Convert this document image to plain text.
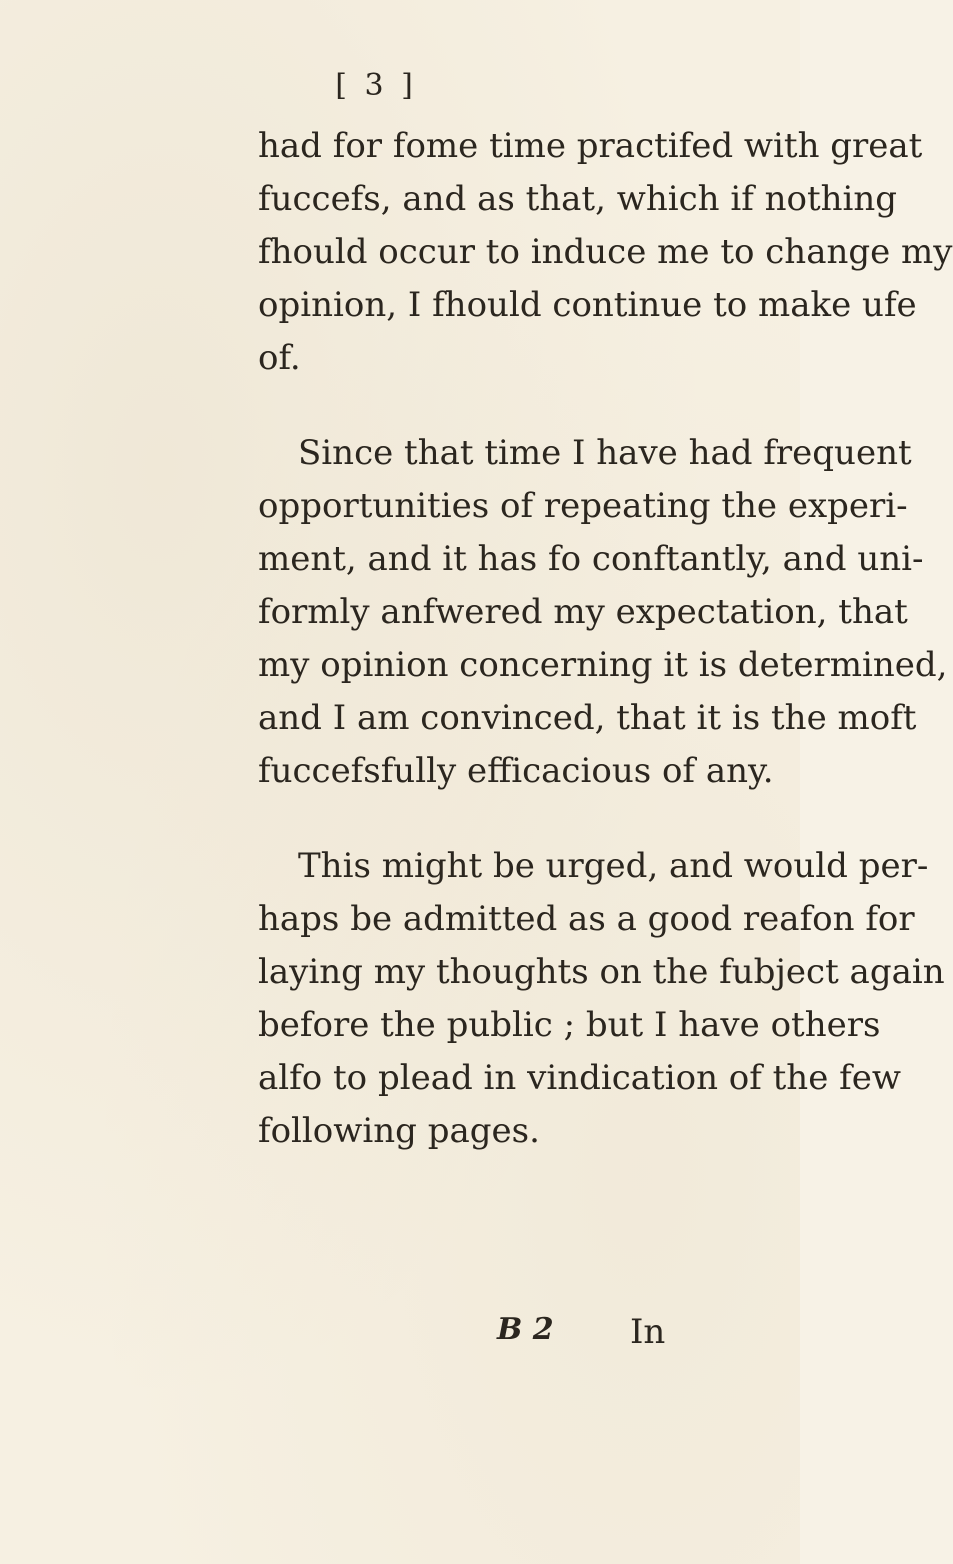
[ 3 ]
had for fome time practifed with great
fuccefs, and as that, which if nothing
fhould occur to induce me to change my
opinion, I fhould continue to make ufe
of.
Since that time I have had frequent
opportunities of repeating the experi-
ment, and it has fo conftantly, and uni-
formly anfwered my expectation, that
my opinion concerning it is determined,
and I am convinced, that it is the moft
fuccefsfully efficacious of any.
This might be urged, and would per-
haps be admitted as a good reafon for
laying my thoughts on the fubject again
before the public ; but I have others
alfo to plead in vindication of the few
following pages.
B 2 In
